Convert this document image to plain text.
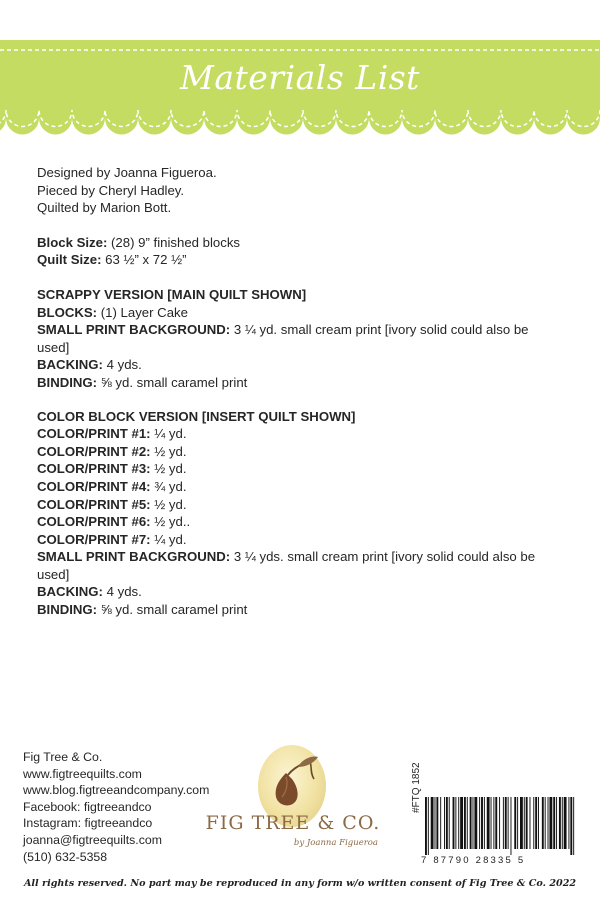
Materials List

Designed by Joanna Figueroa.

Pieced by Cheryl Hadley.

Quilted by Marion Bott.

Block Size: (28) 9” finished blocks

Quilt Size: 63 ½” x 72 ½”

SCRAPPY VERSION [MAIN QUILT SHOWN]

BLOCKS: (1) Layer Cake

SMALL PRINT BACKGROUND: 3 ¼ yd. small cream print [ivory solid could also be used]

BACKING: 4 yds.

BINDING: ⅝ yd. small caramel print

COLOR BLOCK VERSION [INSERT QUILT SHOWN]

COLOR/PRINT #1: ¼ yd.

COLOR/PRINT #2: ½ yd.

COLOR/PRINT #3: ½ yd.

COLOR/PRINT #4: ¾ yd.

COLOR/PRINT #5: ½ yd.

COLOR/PRINT #6: ½ yd..

COLOR/PRINT #7: ¼ yd.

SMALL PRINT BACKGROUND: 3 ¼ yds. small cream print [ivory solid could also be used]

BACKING: 4 yds.

BINDING: ⅝ yd. small caramel print

Fig Tree & Co.
www.figtreequilts.com
www.blog.figtreeandcompany.com
Facebook: figtreeandco
Instagram: figtreeandco
joanna@figtreequilts.com
(510) 632-5358
FIG TREE & CO.
by Joanna Figueroa
#FTQ 1852
7 87790 28335 5
All rights reserved. No part may be reproduced in any form w/o written consent of Fig Tree & Co. 2022
